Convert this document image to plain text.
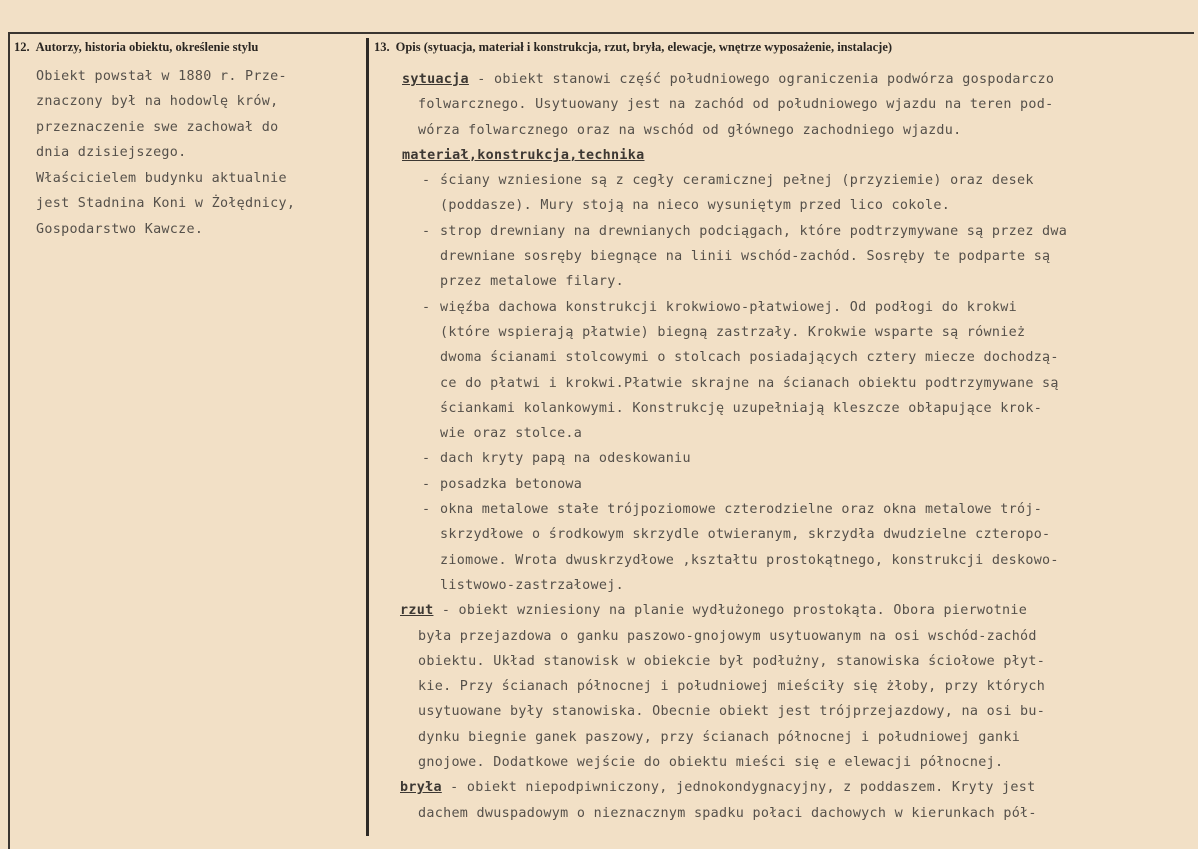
12. Autorzy, historia obiektu, określenie stylu	13. Opis (sytuacja, materiał i konstrukcja, rzut, bryła, elewacje, wnętrze wyposażenie, instalacje)
Obiekt powstał w 1880 r. Prze-
znaczony był na hodowlę krów,
przeznaczenie swe zachował do
dnia dzisiejszego.
Właścicielem budynku aktualnie
jest Stadnina Koni w Żołędnicy,
Gospodarstwo Kawcze.
sytuacja - obiekt stanowi część południowego ograniczenia podwórza gospodarczo
folwarcznego. Usytuowany jest na zachód od południowego wjazdu na teren pod-
wórza folwarcznego oraz na wschód od głównego zachodniego wjazdu.
materiał,konstrukcja,technika
- ściany wzniesione są z cegły ceramicznej pełnej (przyziemie) oraz desek
(poddasze). Mury stoją na nieco wysuniętym przed lico cokole.
- strop drewniany na drewnianych podciągach, które podtrzymywane są przez dwa
drewniane sosręby biegnące na linii wschód-zachód. Sosręby te podparte są
przez metalowe filary.
- więźba dachowa konstrukcji krokwiowo-płatwiowej. Od podłogi do krokwi
(które wspierają płatwie) biegną zastrzały. Krokwie wsparte są również
dwoma ścianami stolcowymi o stolcach posiadających cztery miecze dochodzą-
ce do płatwi i krokwi.Płatwie skrajne na ścianach obiektu podtrzymywane są
ściankami kolankowymi. Konstrukcję uzupełniają kleszcze obłapujące krok-
wie oraz stolce.a
- dach kryty papą na odeskowaniu
- posadzka betonowa
- okna metalowe stałe trójpoziomowe czterodzielne oraz okna metalowe trój-
skrzydłowe o środkowym skrzydle otwieranym, skrzydła dwudzielne czteropo-
ziomowe. Wrota dwuskrzydłowe ,kształtu prostokątnego, konstrukcji deskowo-
listwowo-zastrzałowej.
rzut - obiekt wzniesiony na planie wydłużonego prostokąta. Obora pierwotnie
była przejazdowa o ganku paszowo-gnojowym usytuowanym na osi wschód-zachód
obiektu. Układ stanowisk w obiekcie był podłużny, stanowiska ściołowe płyt-
kie. Przy ścianach północnej i południowej mieściły się żłoby, przy których
usytuowane były stanowiska. Obecnie obiekt jest trójprzejazdowy, na osi bu-
dynku biegnie ganek paszowy, przy ścianach północnej i południowej ganki
gnojowe. Dodatkowe wejście do obiektu mieści się e elewacji północnej.
bryła - obiekt niepodpiwniczony, jednokondygnacyjny, z poddaszem. Kryty jest
dachem dwuspadowym o nieznacznym spadku połaci dachowych w kierunkach pół-
